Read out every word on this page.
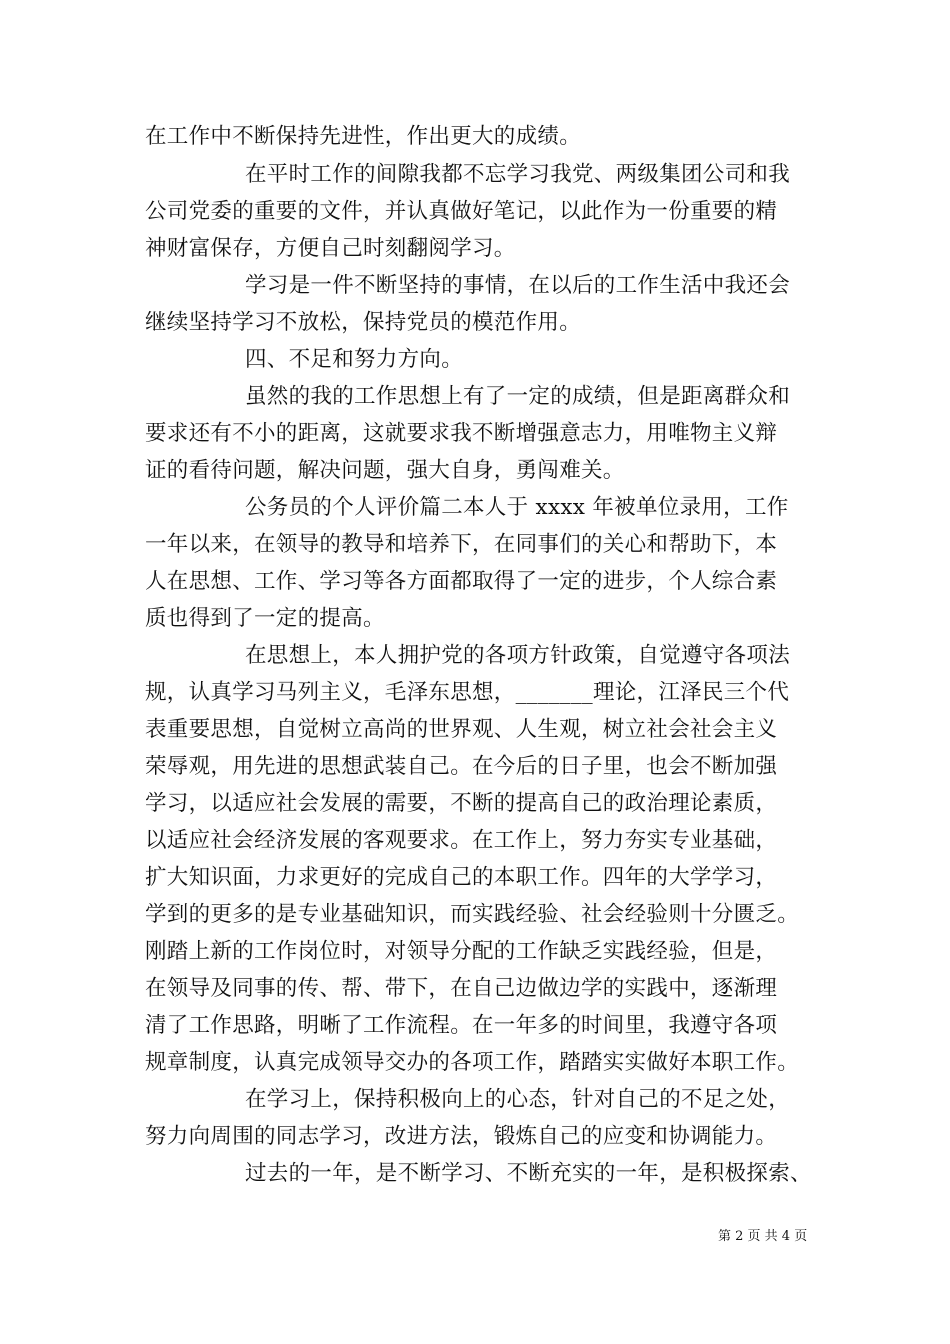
在工作中不断保持先进性，作出更大的成绩。
在平时工作的间隙我都不忘学习我党、两级集团公司和我
公司党委的重要的文件，并认真做好笔记，以此作为一份重要的精
神财富保存，方便自己时刻翻阅学习。
学习是一件不断坚持的事情，在以后的工作生活中我还会
继续坚持学习不放松，保持党员的模范作用。
四、不足和努力方向。
虽然的我的工作思想上有了一定的成绩，但是距离群众和
要求还有不小的距离，这就要求我不断增强意志力，用唯物主义辩
证的看待问题，解决问题，强大自身，勇闯难关。
公务员的个人评价篇二本人于 xxxx 年被单位录用，工作
一年以来，在领导的教导和培养下，在同事们的关心和帮助下，本
人在思想、工作、学习等各方面都取得了一定的进步，个人综合素
质也得到了一定的提高。
在思想上，本人拥护党的各项方针政策，自觉遵守各项法
规，认真学习马列主义，毛泽东思想，_______理论，江泽民三个代
表重要思想，自觉树立高尚的世界观、人生观，树立社会社会主义
荣辱观，用先进的思想武装自己。在今后的日子里，也会不断加强
学习，以适应社会发展的需要，不断的提高自己的政治理论素质，
以适应社会经济发展的客观要求。在工作上，努力夯实专业基础，
扩大知识面，力求更好的完成自己的本职工作。四年的大学学习，
学到的更多的是专业基础知识，而实践经验、社会经验则十分匮乏。
刚踏上新的工作岗位时，对领导分配的工作缺乏实践经验，但是，
在领导及同事的传、帮、带下，在自己边做边学的实践中，逐渐理
清了工作思路，明晰了工作流程。在一年多的时间里，我遵守各项
规章制度，认真完成领导交办的各项工作，踏踏实实做好本职工作。
在学习上，保持积极向上的心态，针对自己的不足之处，
努力向周围的同志学习，改进方法，锻炼自己的应变和协调能力。
过去的一年，是不断学习、不断充实的一年，是积极探索、
第 2 页 共 4 页
